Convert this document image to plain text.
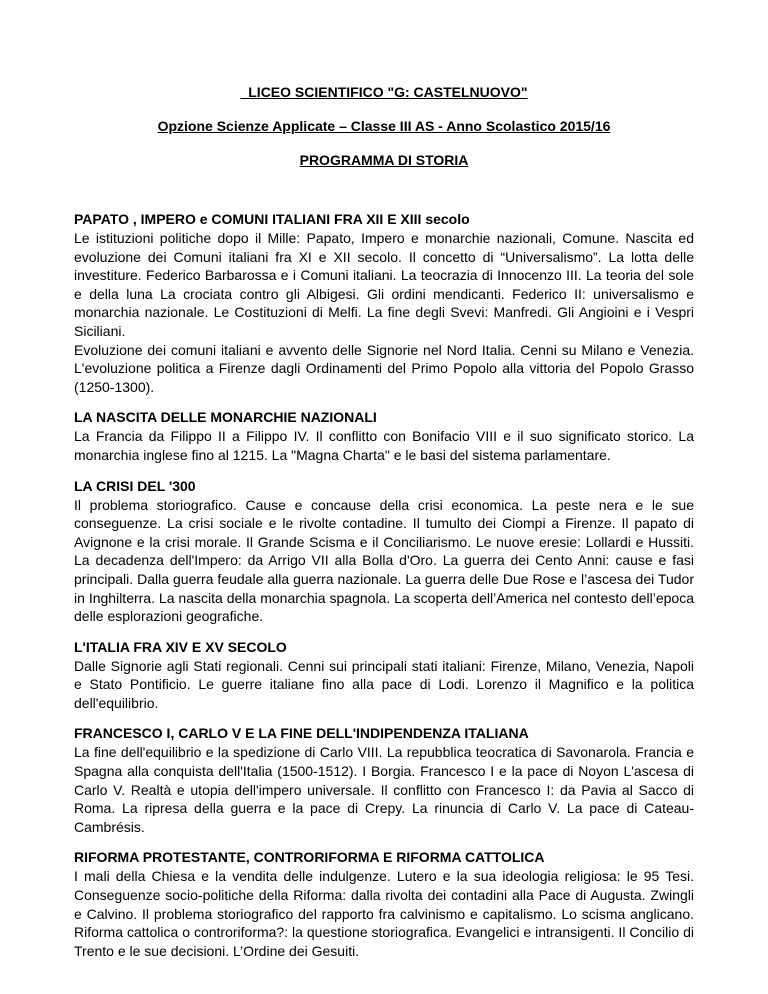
LICEO SCIENTIFICO "G: CASTELNUOVO"

Opzione Scienze Applicate – Classe III AS - Anno Scolastico 2015/16

PROGRAMMA DI STORIA

PAPATO , IMPERO e COMUNI ITALIANI FRA XII E XIII secolo

Le istituzioni politiche dopo il Mille: Papato, Impero e monarchie nazionali, Comune. Nascita ed evoluzione dei Comuni italiani fra XI e XII secolo. Il concetto di “Universalismo”. La lotta delle investiture. Federico Barbarossa e i Comuni italiani. La teocrazia di Innocenzo III. La teoria del sole e della luna La crociata contro gli Albigesi. Gli ordini mendicanti. Federico II: universalismo e monarchia nazionale. Le Costituzioni di Melfi. La fine degli Svevi: Manfredi. Gli Angioini e i Vespri Siciliani.

Evoluzione dei comuni italiani e avvento delle Signorie nel Nord Italia. Cenni su Milano e Venezia. L'evoluzione politica a Firenze dagli Ordinamenti del Primo Popolo alla vittoria del Popolo Grasso (1250-1300).

LA NASCITA DELLE MONARCHIE NAZIONALI

La Francia da Filippo II a Filippo IV. Il conflitto con Bonifacio VIII e il suo significato storico. La monarchia inglese fino al 1215. La "Magna Charta" e le basi del sistema parlamentare.

LA CRISI DEL '300

Il problema storiografico. Cause e concause della crisi economica. La peste nera e le sue conseguenze. La crisi sociale e le rivolte contadine. Il tumulto dei Ciompi a Firenze. Il papato di Avignone e la crisi morale. Il Grande Scisma e il Conciliarismo. Le nuove eresie: Lollardi e Hussiti. La decadenza dell'Impero: da Arrigo VII alla Bolla d'Oro. La guerra dei Cento Anni: cause e fasi principali. Dalla guerra feudale alla guerra nazionale. La guerra delle Due Rose e l’ascesa dei Tudor in Inghilterra. La nascita della monarchia spagnola. La scoperta dell’America nel contesto dell’epoca delle esplorazioni geografiche.

L'ITALIA FRA XIV E XV SECOLO

Dalle Signorie agli Stati regionali. Cenni sui principali stati italiani: Firenze, Milano, Venezia, Napoli e Stato Pontificio. Le guerre italiane fino alla pace di Lodi. Lorenzo il Magnifico e la politica dell'equilibrio.

FRANCESCO I, CARLO V E LA FINE DELL'INDIPENDENZA ITALIANA

La fine dell'equilibrio e la spedizione di Carlo VIII. La repubblica teocratica di Savonarola. Francia e Spagna alla conquista dell'Italia (1500-1512). I Borgia. Francesco I e la pace di Noyon L'ascesa di Carlo V. Realtà e utopia dell'impero universale. Il conflitto con Francesco I: da Pavia al Sacco di Roma. La ripresa della guerra e la pace di Crepy. La rinuncia di Carlo V. La pace di Cateau-Cambrésis.

RIFORMA PROTESTANTE, CONTRORIFORMA E RIFORMA CATTOLICA

I mali della Chiesa e la vendita delle indulgenze. Lutero e la sua ideologia religiosa: le 95 Tesi. Conseguenze socio-politiche della Riforma: dalla rivolta dei contadini alla Pace di Augusta. Zwingli e Calvino. Il problema storiografico del rapporto fra calvinismo e capitalismo. Lo scisma anglicano. Riforma cattolica o controriforma?: la questione storiografica. Evangelici e intransigenti. Il Concilio di Trento e le sue decisioni. L’Ordine dei Gesuiti.
